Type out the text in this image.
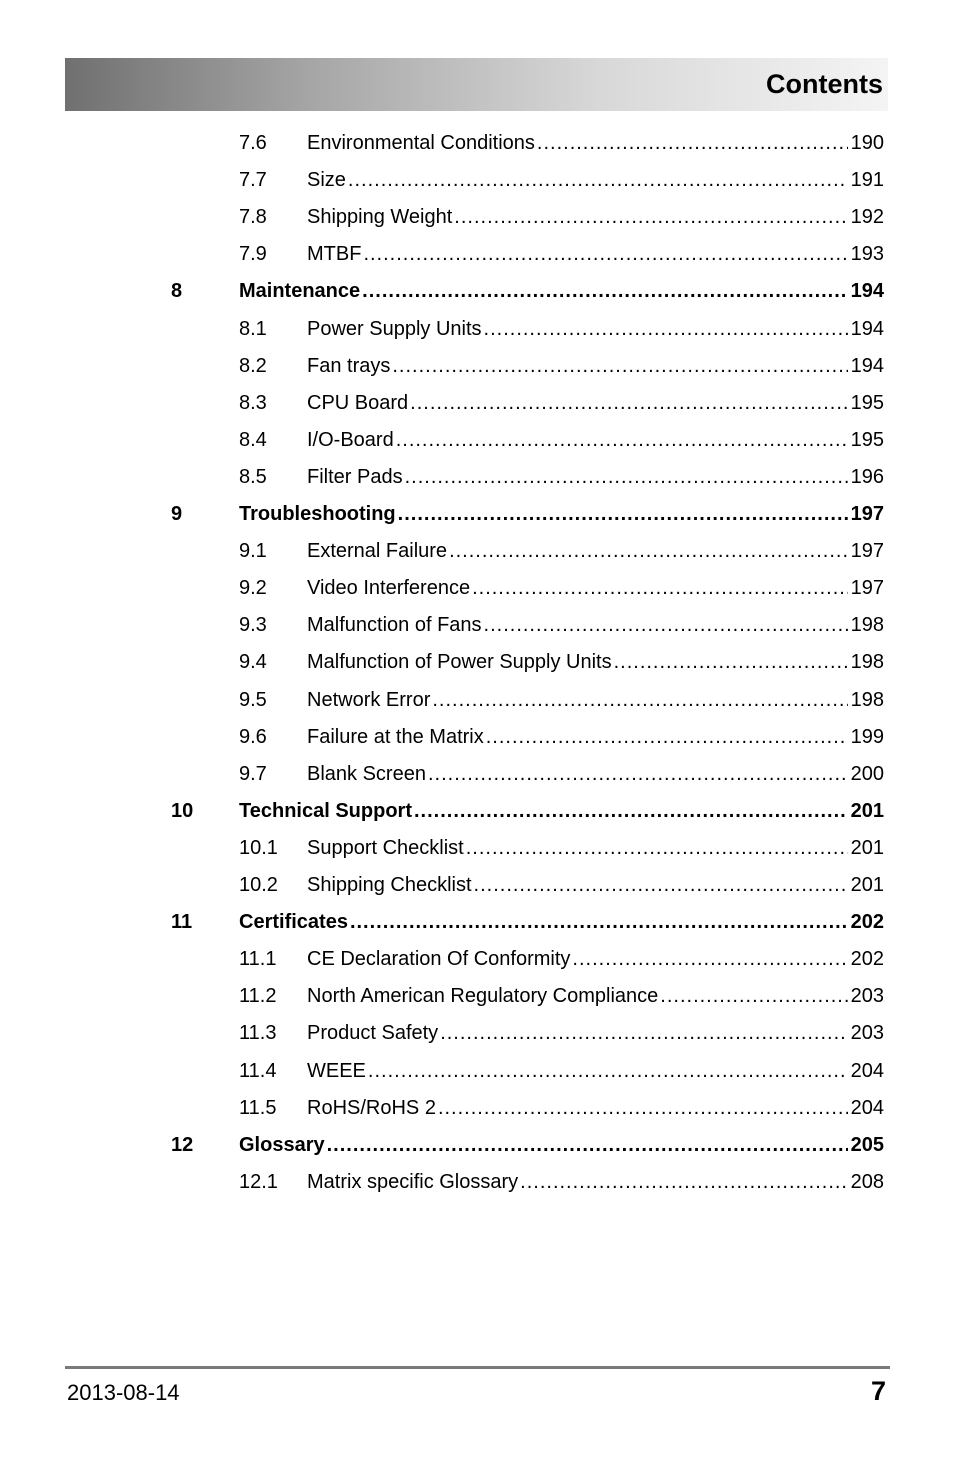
Contents
7.6 Environmental Conditions .....	190
7.7 Size .....	191
7.8 Shipping Weight .....	192
7.9 MTBF .....	193
8	Maintenance .....	194
8.1 Power Supply Units .....	194
8.2 Fan trays .....	194
8.3 CPU Board .....	195
8.4 I/O-Board .....	195
8.5 Filter Pads .....	196
9	Troubleshooting .....	197
9.1 External Failure .....	197
9.2 Video Interference .....	197
9.3 Malfunction of Fans .....	198
9.4 Malfunction of Power Supply Units .....	198
9.5 Network Error .....	198
9.6 Failure at the Matrix .....	199
9.7 Blank Screen .....	200
10 Technical Support .....	201
10.1 Support Checklist .....	201
10.2 Shipping Checklist .....	201
11 Certificates .....	202
11.1 CE Declaration Of Conformity .....	202
11.2 North American Regulatory Compliance .....	203
11.3 Product Safety .....	203
11.4 WEEE .....	204
11.5 RoHS/RoHS 2 .....	204
12 Glossary .....	205
12.1 Matrix specific Glossary .....	208
2013-08-14	7
